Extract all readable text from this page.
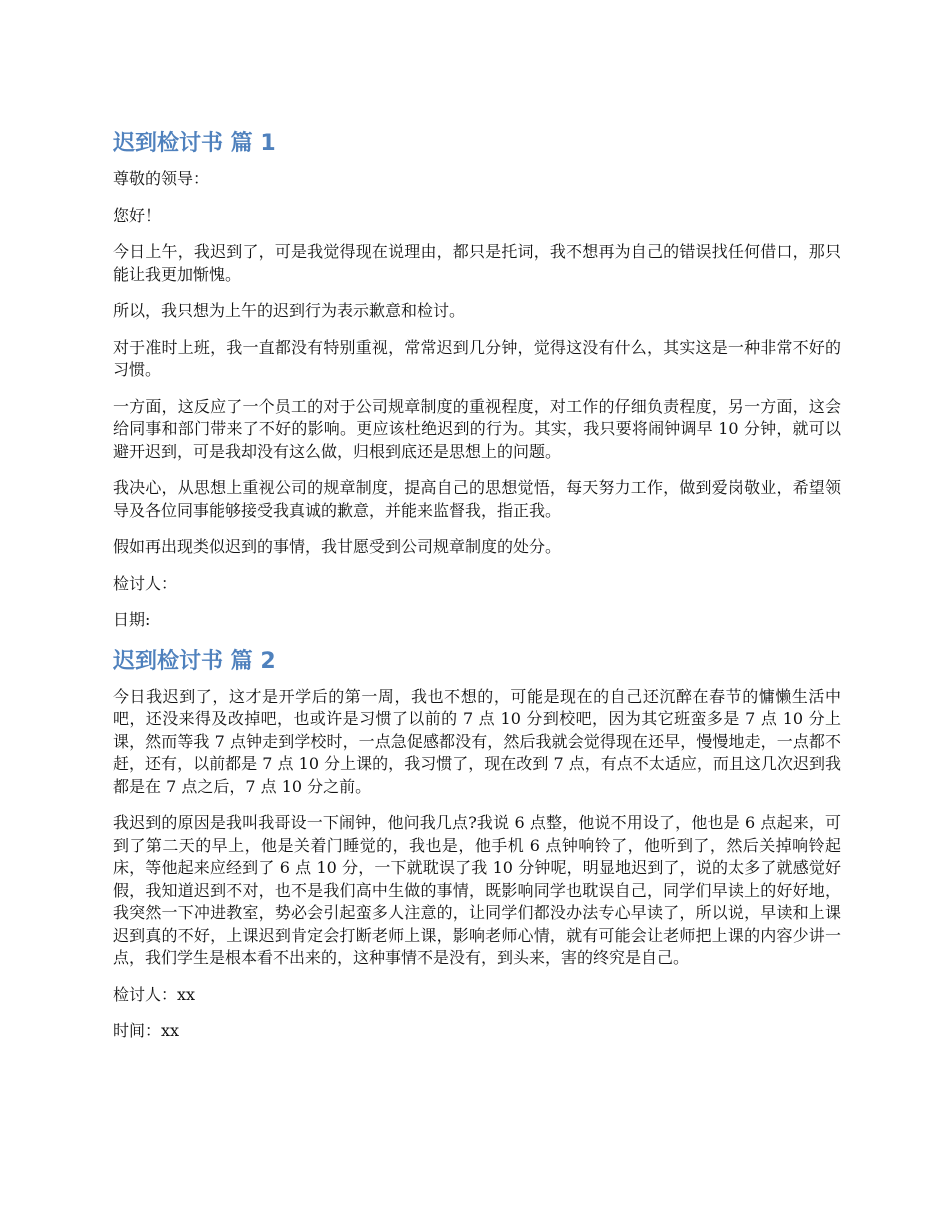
迟到检讨书 篇 1

尊敬的领导：

您好！

今日上午，我迟到了，可是我觉得现在说理由，都只是托词，我不想再为自己的错误找任何借口，那只能让我更加惭愧。

所以，我只想为上午的迟到行为表示歉意和检讨。

对于准时上班，我一直都没有特别重视，常常迟到几分钟，觉得这没有什么，其实这是一种非常不好的习惯。

一方面，这反应了一个员工的对于公司规章制度的重视程度，对工作的仔细负责程度，另一方面，这会给同事和部门带来了不好的影响。更应该杜绝迟到的行为。其实，我只要将闹钟调早 10 分钟，就可以避开迟到，可是我却没有这么做，归根到底还是思想上的问题。

我决心，从思想上重视公司的规章制度，提高自己的思想觉悟，每天努力工作，做到爱岗敬业，希望领导及各位同事能够接受我真诚的歉意，并能来监督我，指正我。

假如再出现类似迟到的事情，我甘愿受到公司规章制度的处分。

检讨人：

日期:

迟到检讨书 篇 2

今日我迟到了，这才是开学后的第一周，我也不想的，可能是现在的自己还沉醉在春节的慵懒生活中吧，还没来得及改掉吧，也或许是习惯了以前的 7 点 10 分到校吧，因为其它班蛮多是 7 点 10 分上课，然而等我 7 点钟走到学校时，一点急促感都没有，然后我就会觉得现在还早，慢慢地走，一点都不赶，还有，以前都是 7 点 10 分上课的，我习惯了，现在改到 7 点，有点不太适应，而且这几次迟到我都是在 7 点之后，7 点 10 分之前。

我迟到的原因是我叫我哥设一下闹钟，他问我几点?我说 6 点整，他说不用设了，他也是 6 点起来，可到了第二天的早上，他是关着门睡觉的，我也是，他手机 6 点钟响铃了，他听到了，然后关掉响铃起床，等他起来应经到了 6 点 10 分，一下就耽误了我 10 分钟呢，明显地迟到了，说的太多了就感觉好假，我知道迟到不对，也不是我们高中生做的事情，既影响同学也耽误自己，同学们早读上的好好地，我突然一下冲进教室，势必会引起蛮多人注意的，让同学们都没办法专心早读了，所以说，早读和上课迟到真的不好，上课迟到肯定会打断老师上课，影响老师心情，就有可能会让老师把上课的内容少讲一点，我们学生是根本看不出来的，这种事情不是没有，到头来，害的终究是自己。

检讨人：xx

时间：xx
